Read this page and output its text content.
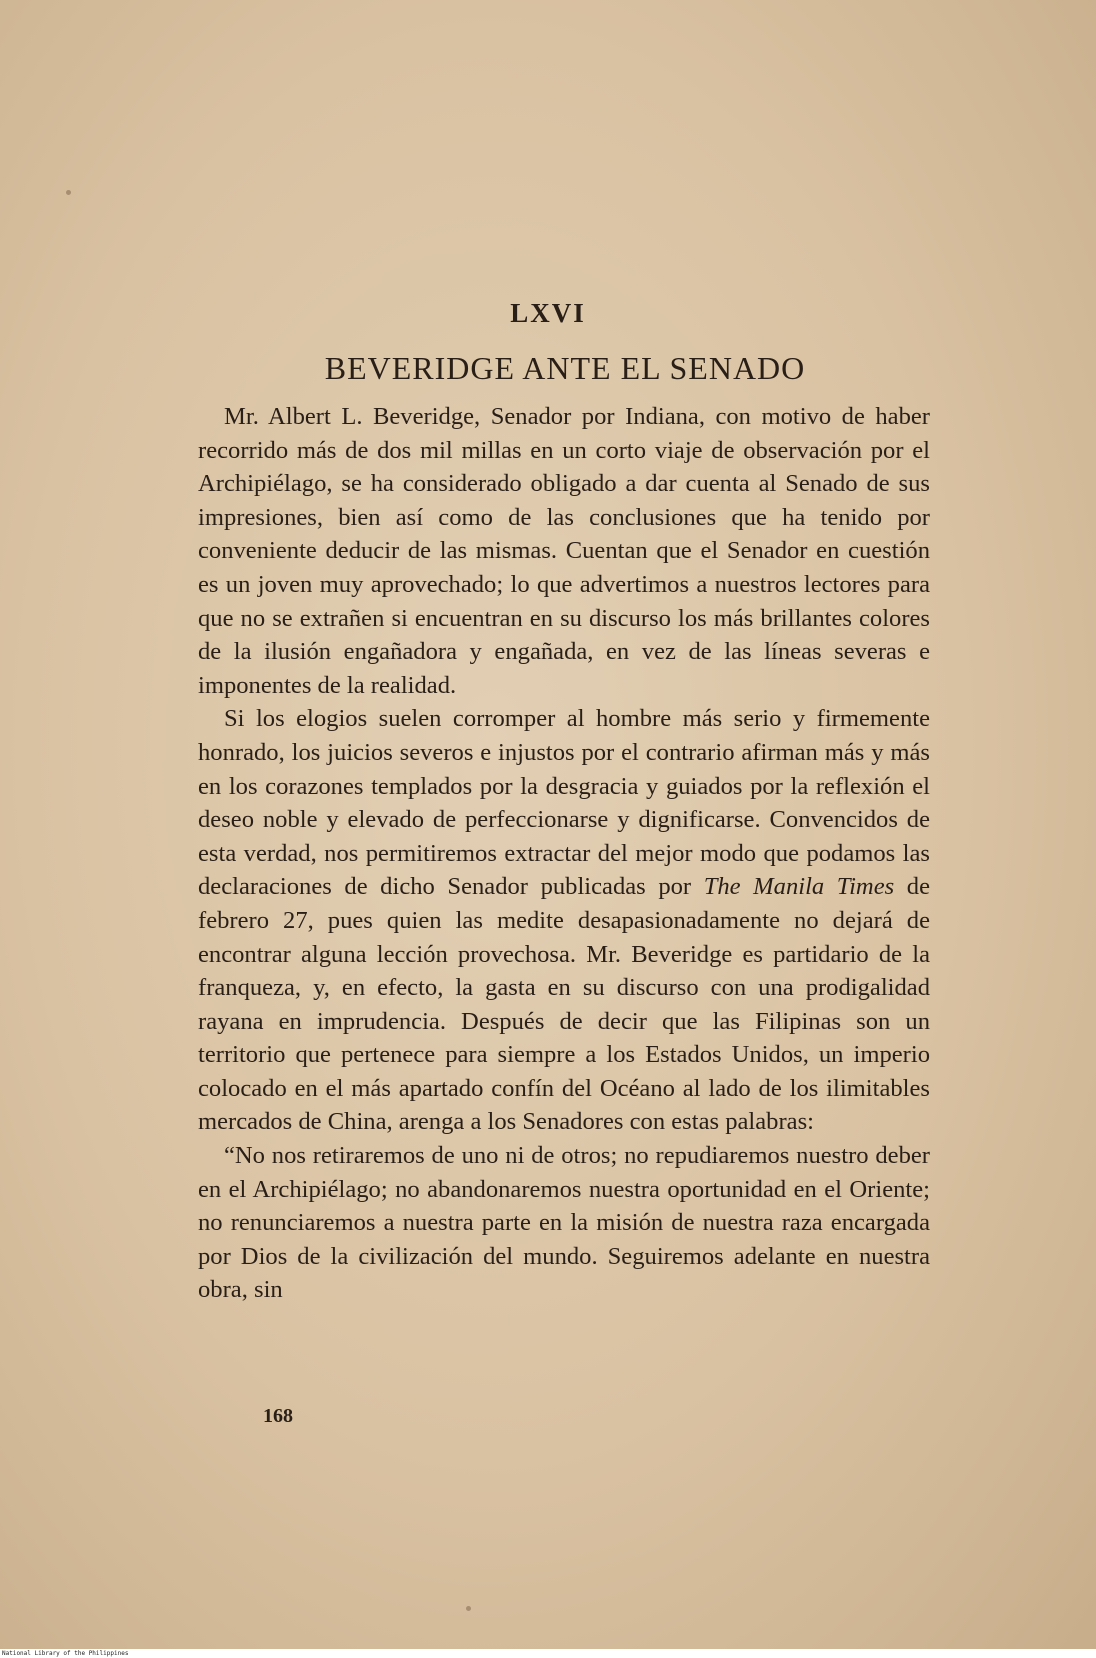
LXVI
BEVERIDGE ANTE EL SENADO

Mr. Albert L. Beveridge, Senador por Indiana, con motivo de haber recorrido más de dos mil millas en un corto viaje de observación por el Archipiélago, se ha considerado obligado a dar cuenta al Senado de sus impresiones, bien así como de las conclusiones que ha tenido por conveniente deducir de las mismas. Cuentan que el Senador en cuestión es un joven muy aprovechado; lo que advertimos a nuestros lectores para que no se extrañen si encuentran en su discurso los más brillantes colores de la ilusión engañadora y engañada, en vez de las líneas severas e imponentes de la realidad.

Si los elogios suelen corromper al hombre más serio y firmemente honrado, los juicios severos e injustos por el contrario afirman más y más en los corazones templados por la desgracia y guiados por la reflexión el deseo noble y elevado de perfeccionarse y dignificarse. Convencidos de esta verdad, nos permitiremos extractar del mejor modo que podamos las declaraciones de dicho Senador publicadas por The Manila Times de febrero 27, pues quien las medite desapasionadamente no dejará de encontrar alguna lección provechosa. Mr. Beveridge es partidario de la franqueza, y, en efecto, la gasta en su discurso con una prodigalidad rayana en imprudencia. Después de decir que las Filipinas son un territorio que pertenece para siempre a los Estados Unidos, un imperio colocado en el más apartado confín del Océano al lado de los ilimitables mercados de China, arenga a los Senadores con estas palabras:

“No nos retiraremos de uno ni de otros; no repudiaremos nuestro deber en el Archipiélago; no abandonaremos nuestra oportunidad en el Oriente; no renunciaremos a nuestra parte en la misión de nuestra raza encargada por Dios de la civilización del mundo. Seguiremos adelante en nuestra obra, sin

168
National Library of the Philippines
